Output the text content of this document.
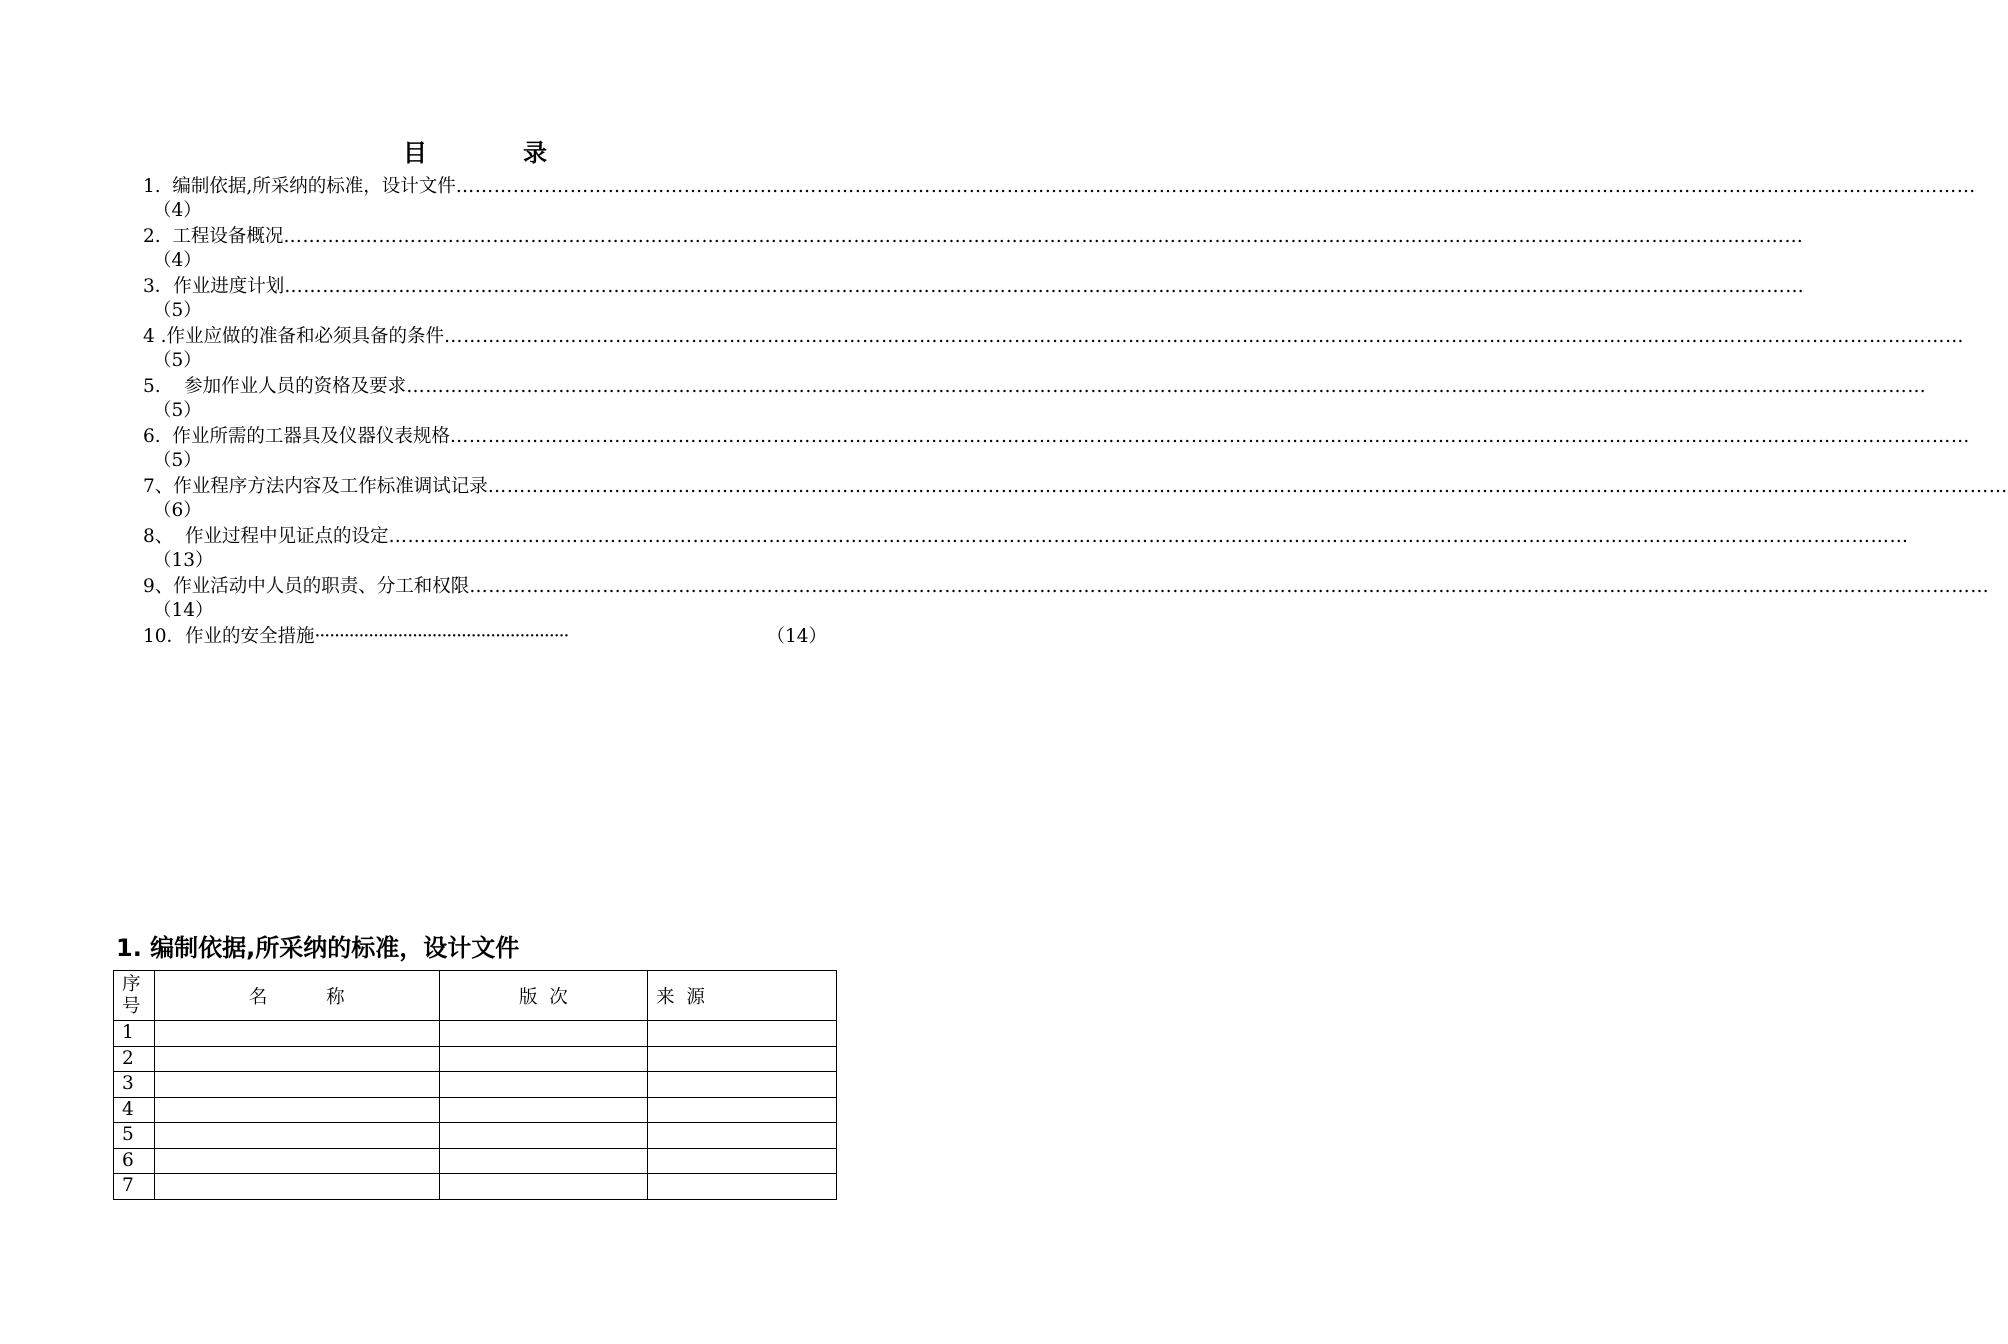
目	录
1.  编制依据,所采纳的标准，设计文件……………………………………………………………………………………………………………………………………………………………………………………………………………………
（4）
2.  工程设备概况……………………………………………………………………………………………………………………………………………………………………………………………………………………
（4）
3．作业进度计划……………………………………………………………………………………………………………………………………………………………………………………………………………………
（5）
4 .作业应做的准备和必须具备的条件……………………………………………………………………………………………………………………………………………………………………………………………………………………
（5）
5.    参加作业人员的资格及要求……………………………………………………………………………………………………………………………………………………………………………………………………………………
（5）
6.  作业所需的工器具及仪器仪表规格……………………………………………………………………………………………………………………………………………………………………………………………………………………
（5）
7、作业程序方法内容及工作标准调试记录……………………………………………………………………………………………………………………………………………………………………………………………………………………
（6）
8、  作业过程中见证点的设定……………………………………………………………………………………………………………………………………………………………………………………………………………………
（13）
9、作业活动中人员的职责、分工和权限……………………………………………………………………………………………………………………………………………………………………………………………………………………
（14）
10．作业的安全措施····················································	（14）
1. 编制依据,所采纳的标准，设计文件
序号	名          称	版  次	来  源
1			
2			
3			
4			
5			
6			
7			
